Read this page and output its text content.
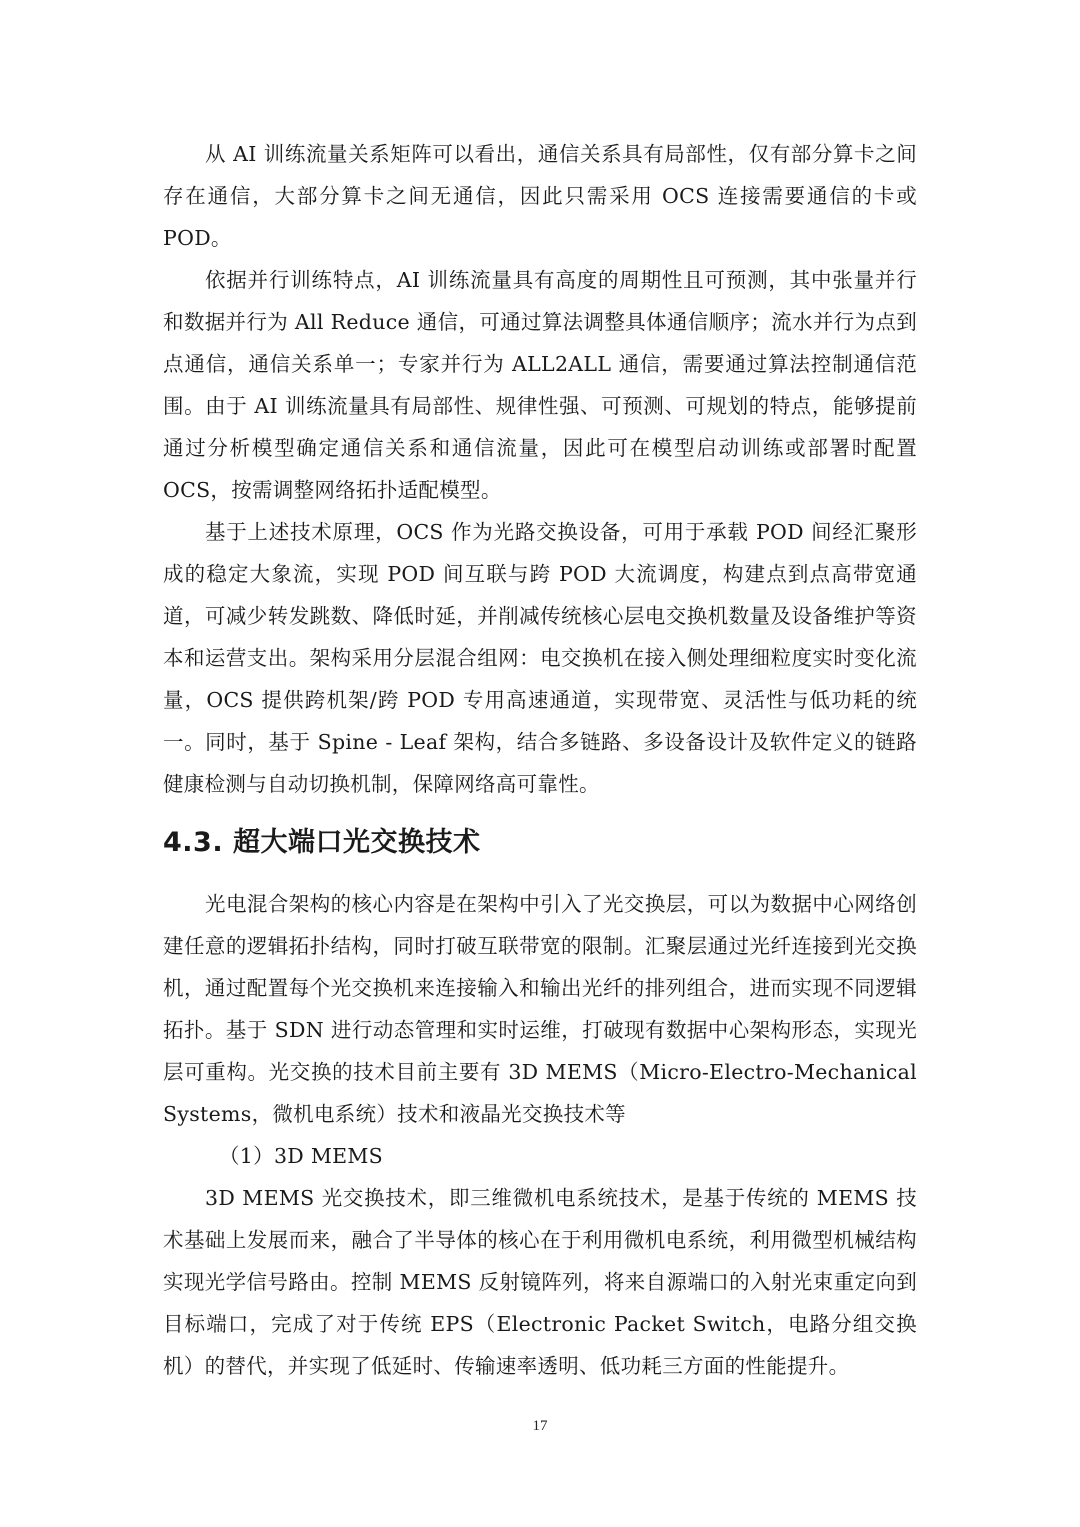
从 AI 训练流量关系矩阵可以看出，通信关系具有局部性，仅有部分算卡之间存在通信，大部分算卡之间无通信，因此只需采用 OCS 连接需要通信的卡或 POD。

依据并行训练特点，AI 训练流量具有高度的周期性且可预测，其中张量并行和数据并行为 All Reduce 通信，可通过算法调整具体通信顺序；流水并行为点到点通信，通信关系单一；专家并行为 ALL2ALL 通信，需要通过算法控制通信范围。由于 AI 训练流量具有局部性、规律性强、可预测、可规划的特点，能够提前通过分析模型确定通信关系和通信流量，因此可在模型启动训练或部署时配置 OCS，按需调整网络拓扑适配模型。

基于上述技术原理，OCS 作为光路交换设备，可用于承载 POD 间经汇聚形成的稳定大象流，实现 POD 间互联与跨 POD 大流调度，构建点到点高带宽通道，可减少转发跳数、降低时延，并削减传统核心层电交换机数量及设备维护等资本和运营支出。架构采用分层混合组网：电交换机在接入侧处理细粒度实时变化流量，OCS 提供跨机架/跨 POD 专用高速通道，实现带宽、灵活性与低功耗的统一。同时，基于 Spine - Leaf 架构，结合多链路、多设备设计及软件定义的链路健康检测与自动切换机制，保障网络高可靠性。

4.3. 超大端口光交换技术

光电混合架构的核心内容是在架构中引入了光交换层，可以为数据中心网络创建任意的逻辑拓扑结构，同时打破互联带宽的限制。汇聚层通过光纤连接到光交换机，通过配置每个光交换机来连接输入和输出光纤的排列组合，进而实现不同逻辑拓扑。基于 SDN 进行动态管理和实时运维，打破现有数据中心架构形态，实现光层可重构。光交换的技术目前主要有 3D MEMS（Micro-Electro-Mechanical Systems，微机电系统）技术和液晶光交换技术等

（1）3D MEMS

3D MEMS 光交换技术，即三维微机电系统技术，是基于传统的 MEMS 技术基础上发展而来，融合了半导体的核心在于利用微机电系统，利用微型机械结构实现光学信号路由。控制 MEMS 反射镜阵列，将来自源端口的入射光束重定向到目标端口，完成了对于传统 EPS（Electronic Packet Switch，电路分组交换机）的替代，并实现了低延时、传输速率透明、低功耗三方面的性能提升。

17
